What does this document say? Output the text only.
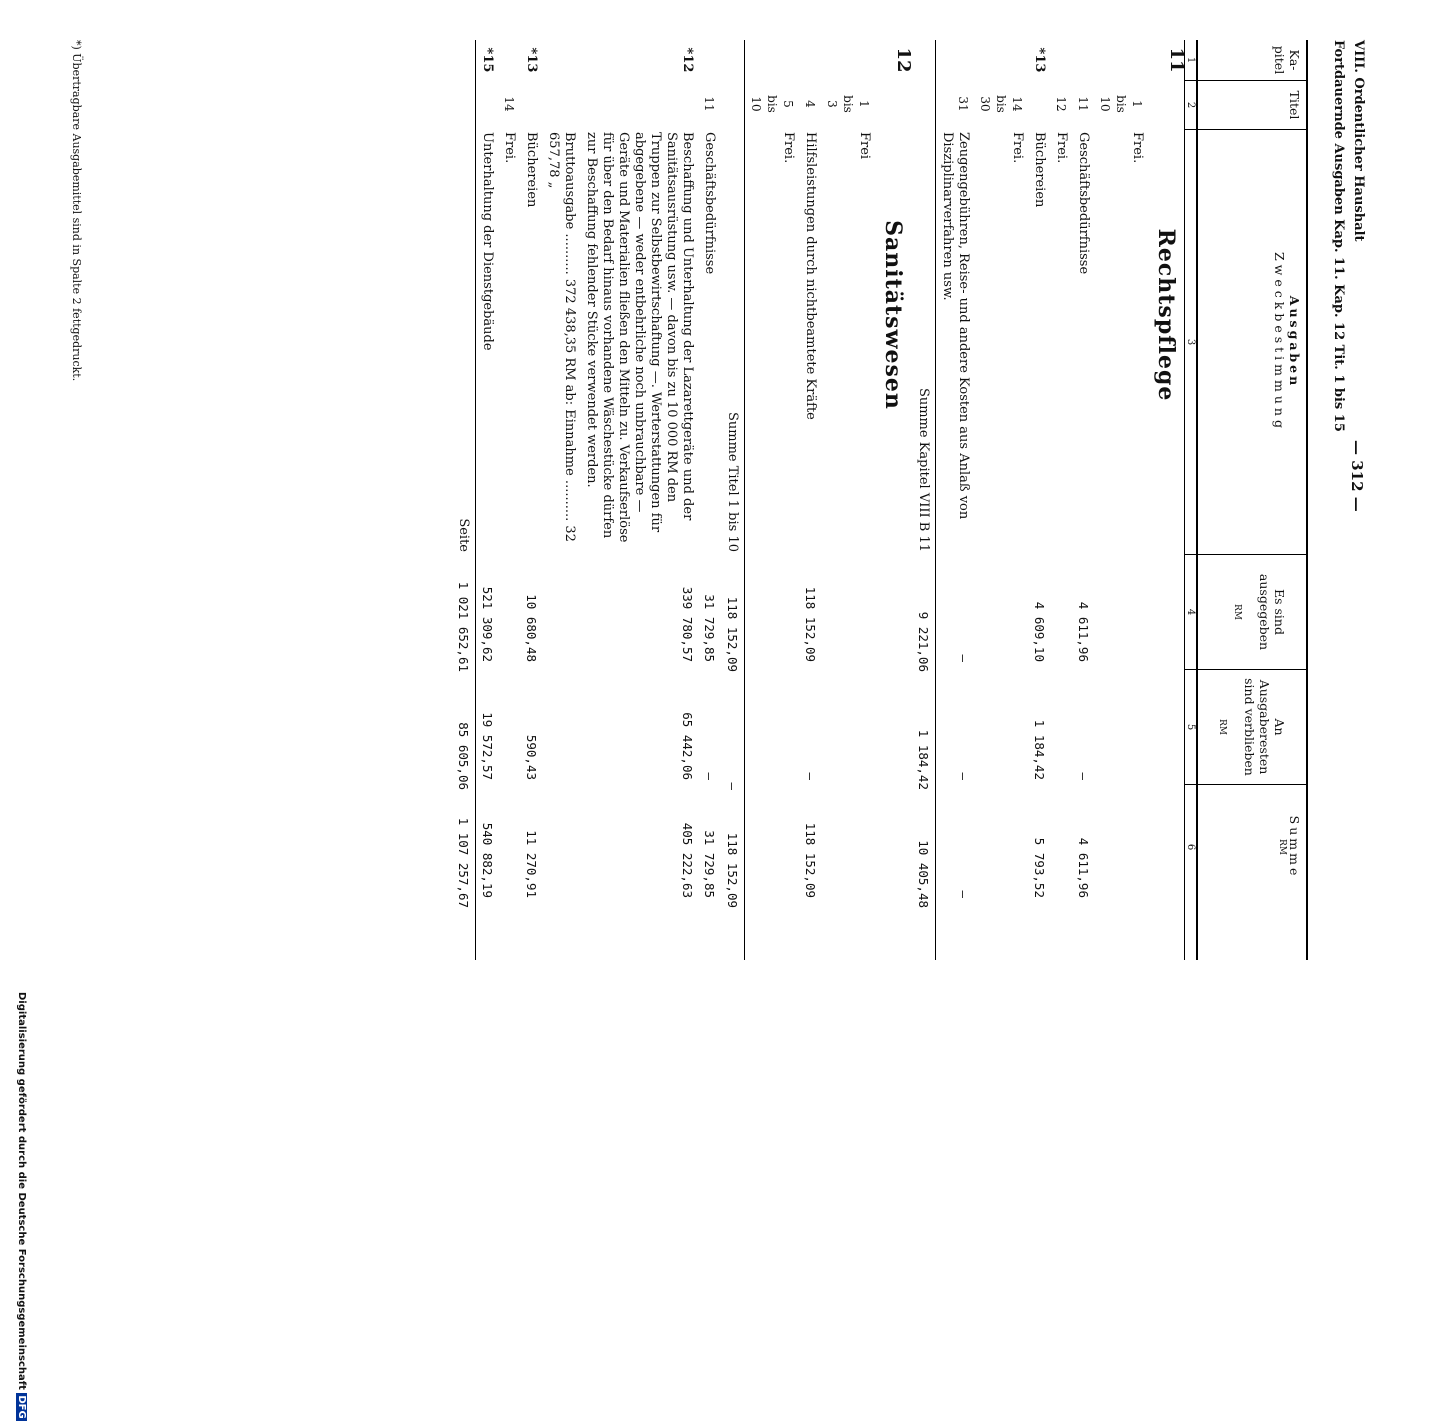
VIII. Ordentlicher Haushalt
Fortdauernde Ausgaben Kap. 11. Kap. 12 Tit. 1 bis 15
— 312 —
Ka-
pitel
Titel
Ausgaben
Zweckbestimmung

Es sind
ausgegeben

RM

An
Ausgaberesten
sind verblieben

RM

Summe
RM
1
2
3
4
5
6
11
Rechtspflege
1
bis
10
Frei.
11
Geschäftsbedürfnisse
4 611,96
—
4 611,96
12
Frei.
*13
Büchereien
4 609,10
1 184,42
5 793,52
14
bis
30
Frei.
31
Zeugengebühren, Reise- und andere Kosten aus Anlaß von Disziplinarverfahren usw.
—
—
—
Summe Kapitel VIII B 11
9 221,06
1 184,42
10 405,48
12
Sanitätswesen
1
bis
3
Frei
4
Hilfsleistungen durch nichtbeamtete Kräfte
118 152,09
—
118 152,09
5
bis
10
Frei.
Summe Titel 1 bis 10
118 152,09
—
118 152,09
11
Geschäftsbedürfnisse
31 729,85
—
31 729,85
*12
Beschaffung und Unterhaltung der Lazarettgeräte und der Sanitätsausrüstung usw. — davon bis zu 10 000 RM den Truppen zur Selbstbewirtschaftung —. Werterstattungen für abgegebene — weder entbehrliche noch unbrauchbare — Geräte und Materialien fließen den Mitteln zu. Verkaufserlöse für über den Bedarf hinaus vorhandene Wäschestücke dürfen zur Beschaffung fehlender Stücke verwendet werden.
339 780,57
65 442,06
405 222,63
Bruttoausgabe .......... 372 438,35 RM ab: Einnahme .......... 32 657,78 „
*13
Büchereien
10 680,48
590,43
11 270,91
14
Frei.
*15
Unterhaltung der Dienstgebäude
521 309,62
19 572,57
540 882,19
Seite
1 021 652,61
85 605,06
1 107 257,67
*) Übertragbare Ausgabemittel sind in Spalte 2 fettgedruckt.
Digitalisierung gefördert durch die Deutsche Forschungsgemeinschaft DFG
